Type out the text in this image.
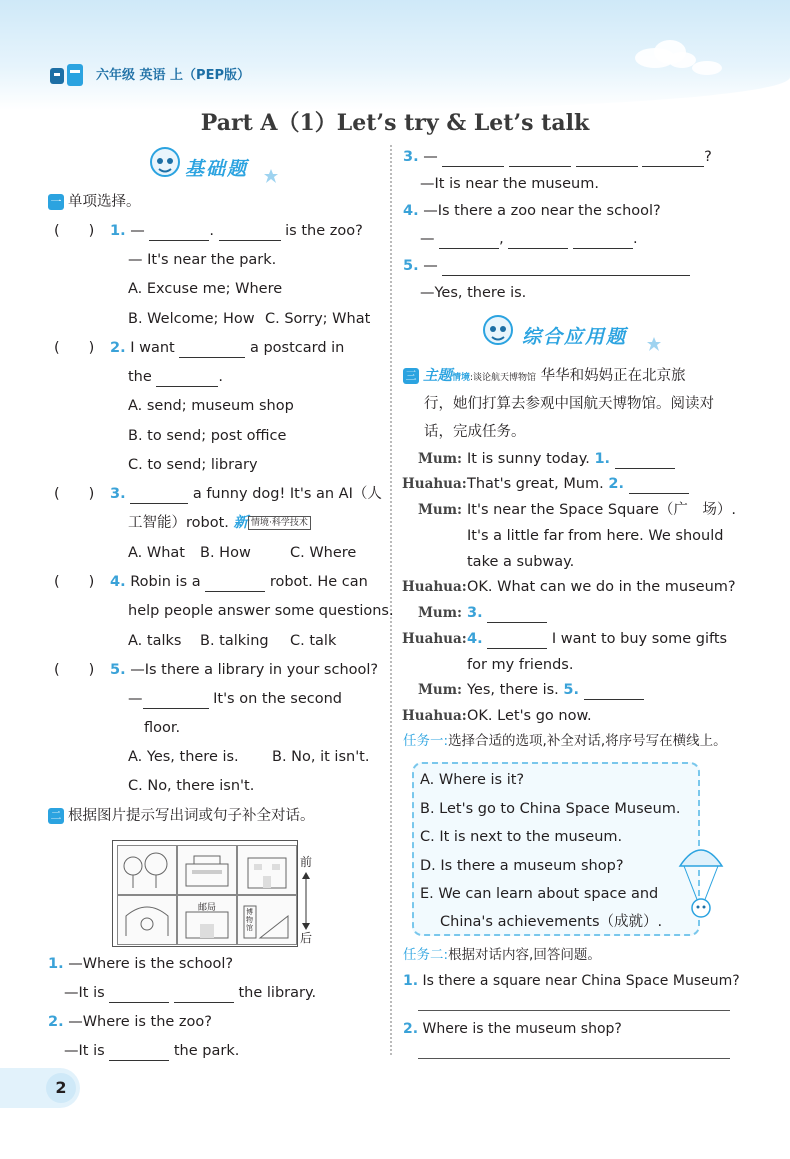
六年级 英语 上（PEP版）
Part A（1）Let’s try & Let’s talk
基础题
一 单项选择。
(　　) 1. —	.	is the zoo?
— It's near the park.
A. Excuse me; Where
B. Welcome; How C. Sorry; What
(　　) 2. I want	a postcard in
the	.
A. send; museum shop
B. to send; post office
C. to send; library
(　　) 3.	a funny dog! It's an AI（人
工智能）robot. 新 情境·科学技术
A. What B. How	C. Where
(　　) 4. Robin is a	robot. He can
help people answer some questions.
A. talks B. talking C. talk
(　　) 5. —Is there a library in your school?
—	It's on the second
floor.
A. Yes, there is. B. No, it isn't.
C. No, there isn't.
二 根据图片提示写出词或句子补全对话。
邮局	博物馆
前
后
1. —Where is the school?
—It is	the library.
2. —Where is the zoo?
—It is	the park.
3. —	?
—It is near the museum.
4. —Is there a zoo near the school?
—	,	.
5. —
—Yes, there is.
综合应用题
三 主题情境:谈论航天博物馆 华华和妈妈正在北京旅
行，她们打算去参观中国航天博物馆。阅读对
话，完成任务。
Mum: It is sunny today. 1.
Huahua: That's great, Mum. 2.
Mum: It's near the Space Square（广　场）.
It's a little far from here. We should
take a subway.
Huahua: OK. What can we do in the museum?
Mum: 3.
Huahua: 4.	I want to buy some gifts
for my friends.
Mum: Yes, there is. 5.
Huahua: OK. Let's go now.
任务一:选择合适的选项,补全对话,将序号写在横线上。
A. Where is it?
B. Let's go to China Space Museum.
C. It is next to the museum.
D. Is there a museum shop?
E. We can learn about space and
China's achievements（成就）.
任务二:根据对话内容,回答问题。
1. Is there a square near China Space Museum?
2. Where is the museum shop?
2
